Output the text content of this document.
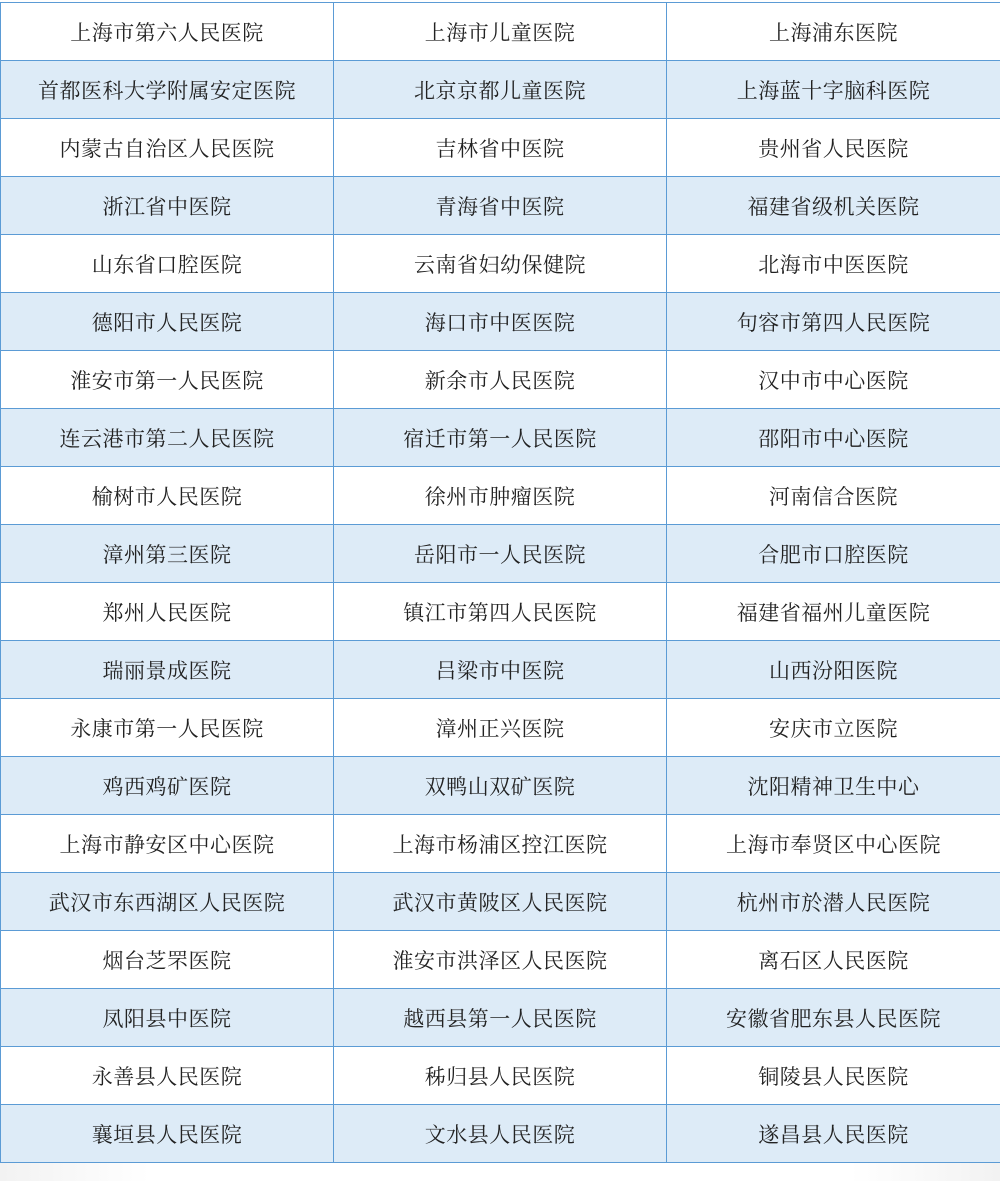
上海市第六人民医院	上海市儿童医院	上海浦东医院
首都医科大学附属安定医院	北京京都儿童医院	上海蓝十字脑科医院
内蒙古自治区人民医院	吉林省中医院	贵州省人民医院
浙江省中医院	青海省中医院	福建省级机关医院
山东省口腔医院	云南省妇幼保健院	北海市中医医院
德阳市人民医院	海口市中医医院	句容市第四人民医院
淮安市第一人民医院	新余市人民医院	汉中市中心医院
连云港市第二人民医院	宿迁市第一人民医院	邵阳市中心医院
榆树市人民医院	徐州市肿瘤医院	河南信合医院
漳州第三医院	岳阳市一人民医院	合肥市口腔医院
郑州人民医院	镇江市第四人民医院	福建省福州儿童医院
瑞丽景成医院	吕梁市中医院	山西汾阳医院
永康市第一人民医院	漳州正兴医院	安庆市立医院
鸡西鸡矿医院	双鸭山双矿医院	沈阳精神卫生中心
上海市静安区中心医院	上海市杨浦区控江医院	上海市奉贤区中心医院
武汉市东西湖区人民医院	武汉市黄陂区人民医院	杭州市於潜人民医院
烟台芝罘医院	淮安市洪泽区人民医院	离石区人民医院
凤阳县中医院	越西县第一人民医院	安徽省肥东县人民医院
永善县人民医院	秭归县人民医院	铜陵县人民医院
襄垣县人民医院	文水县人民医院	遂昌县人民医院
